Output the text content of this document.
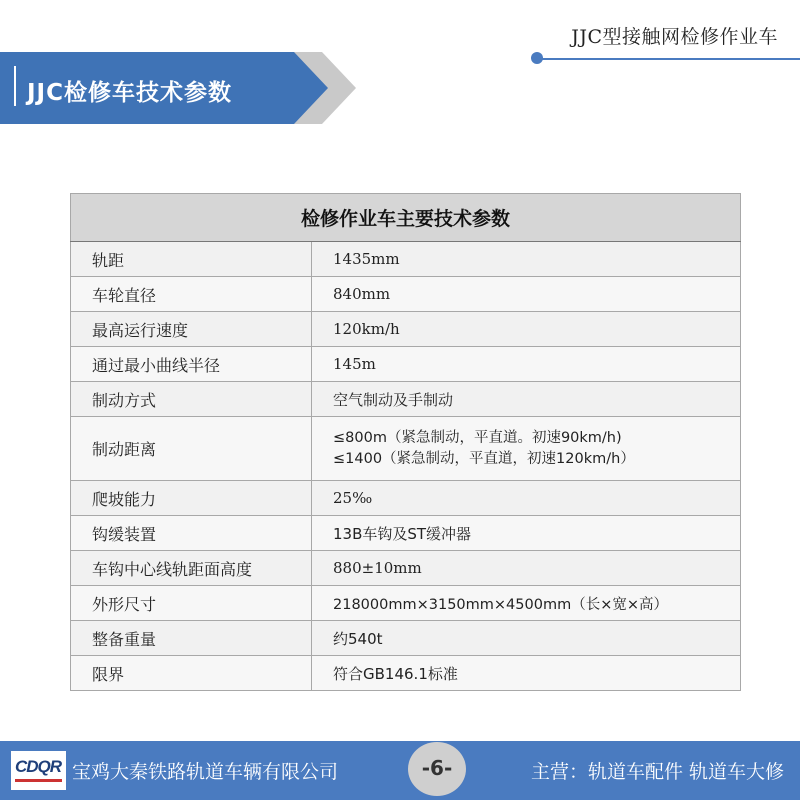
JJC型接触网检修作业车
JJC检修车技术参数
检修作业车主要技术参数	
轨距	1435mm
车轮直径	840mm
最高运行速度	120km/h
通过最小曲线半径	145m
制动方式	空气制动及手制动
制动距离	≤800m（紧急制动，平直道。初速90km/h)
≤1400（紧急制动，平直道，初速120km/h）

爬坡能力	25‰
钩缓装置	13B车钩及ST缓冲器
车钩中心线轨距面高度	880±10mm
外形尺寸	218000mm×3150mm×4500mm（长×宽×高）
整备重量	约540t
限界	符合GB146.1标准
CDQR 宝鸡大秦铁路轨道车辆有限公司	-6-	主营：轨道车配件 轨道车大修
